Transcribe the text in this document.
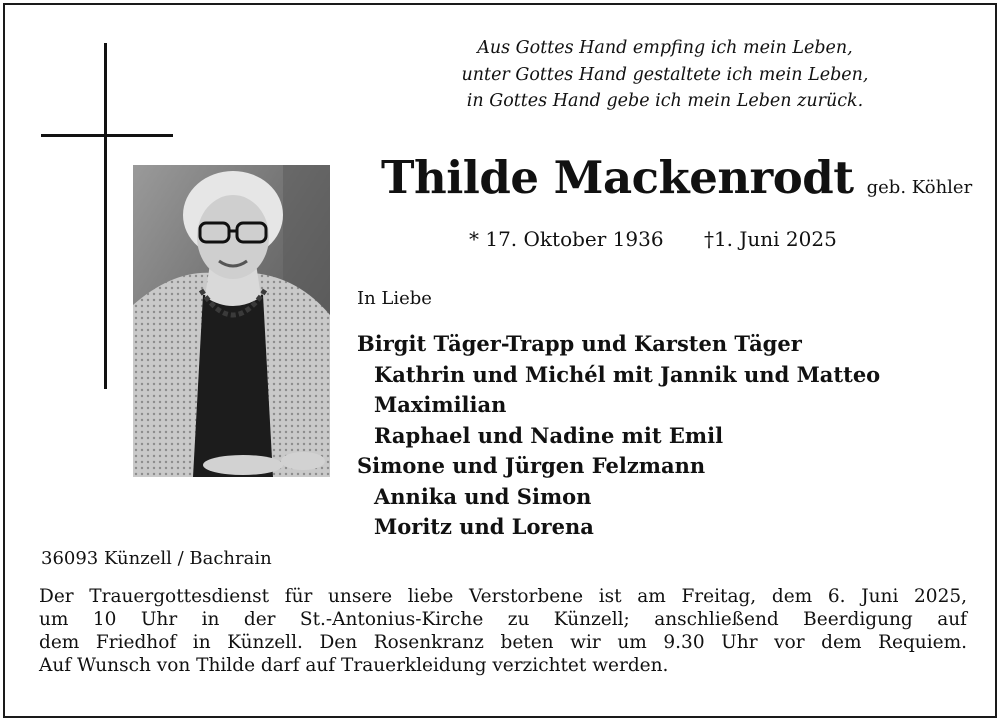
Aus Gottes Hand empfing ich mein Leben,
unter Gottes Hand gestaltete ich mein Leben,
in Gottes Hand gebe ich mein Leben zurück.
Thilde Mackenrodt geb. Köhler
* 17. Oktober 1936 †1. Juni 2025
In Liebe
Birgit Täger-Trapp und Karsten Täger
Kathrin und Michél mit Jannik und Matteo
Maximilian
Raphael und Nadine mit Emil
Simone und Jürgen Felzmann
Annika und Simon
Moritz und Lorena
36093 Künzell / Bachrain
Der Trauergottesdienst für unsere liebe Verstorbene ist am Freitag, dem 6. Juni 2025,
um 10 Uhr in der St.-Antonius-Kirche zu Künzell; anschließend Beerdigung auf
dem Friedhof in Künzell. Den Rosenkranz beten wir um 9.30 Uhr vor dem Requiem.
Auf Wunsch von Thilde darf auf Trauerkleidung verzichtet werden.
